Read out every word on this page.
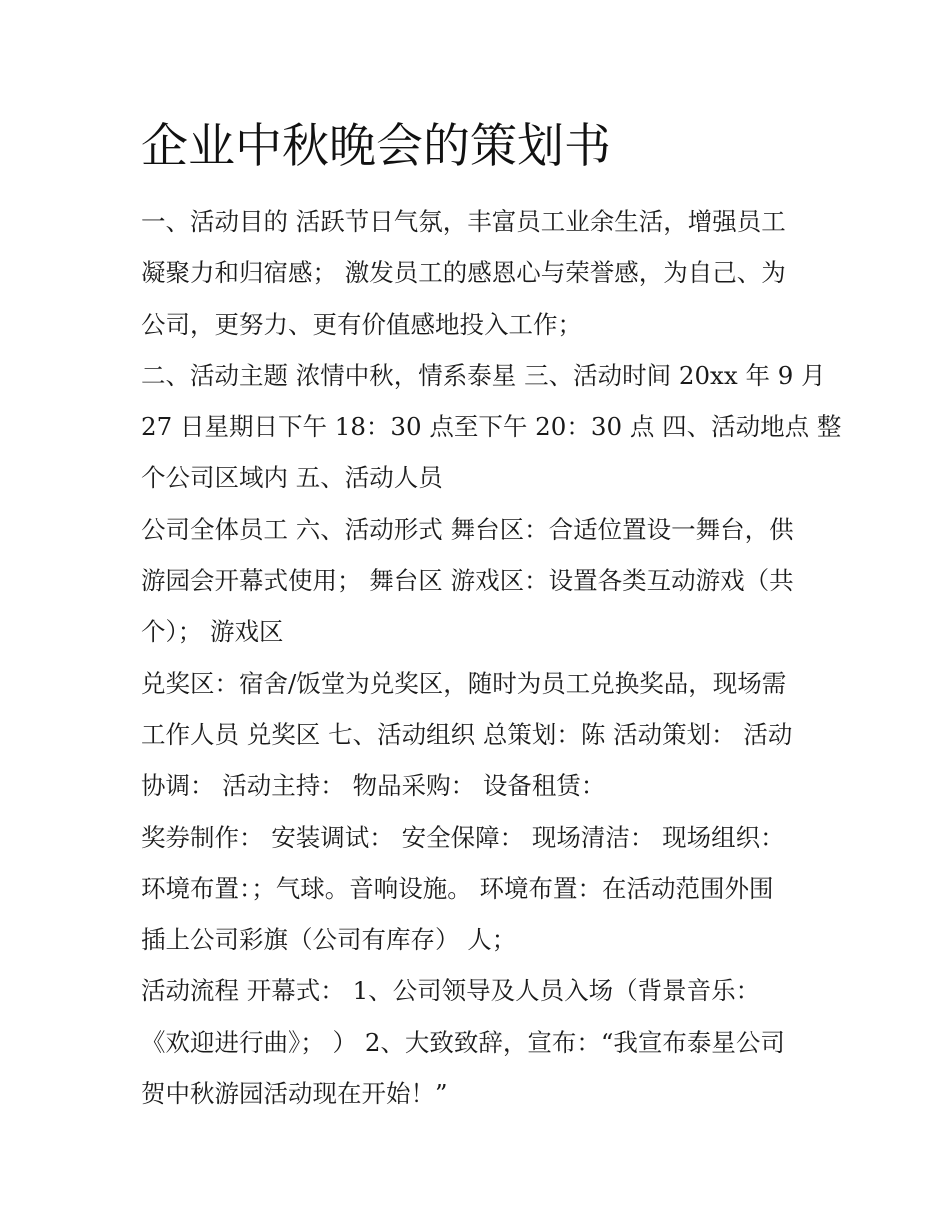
企业中秋晚会的策划书
一、活动目的 活跃节日气氛，丰富员工业余生活，增强员工
凝聚力和归宿感； 激发员工的感恩心与荣誉感，为自己、为
公司，更努力、更有价值感地投入工作；
二、活动主题 浓情中秋，情系泰星 三、活动时间 20xx 年 9 月
27 日星期日下午 18：30 点至下午 20：30 点 四、活动地点 整
个公司区域内 五、活动人员
公司全体员工 六、活动形式 舞台区：合适位置设一舞台，供
游园会开幕式使用； 舞台区 游戏区：设置各类互动游戏（共
个）； 游戏区
兑奖区：宿舍/饭堂为兑奖区，随时为员工兑换奖品，现场需
工作人员 兑奖区 七、活动组织 总策划：陈 活动策划： 活动
协调： 活动主持： 物品采购： 设备租赁：
奖券制作： 安装调试： 安全保障： 现场清洁： 现场组织：
环境布置：；气球。音响设施。 环境布置：在活动范围外围
插上公司彩旗（公司有库存） 人；
活动流程 开幕式： 1、公司领导及人员入场（背景音乐：
《欢迎进行曲》； ） 2、大致致辞，宣布：“我宣布泰星公司
贺中秋游园活动现在开始！”
